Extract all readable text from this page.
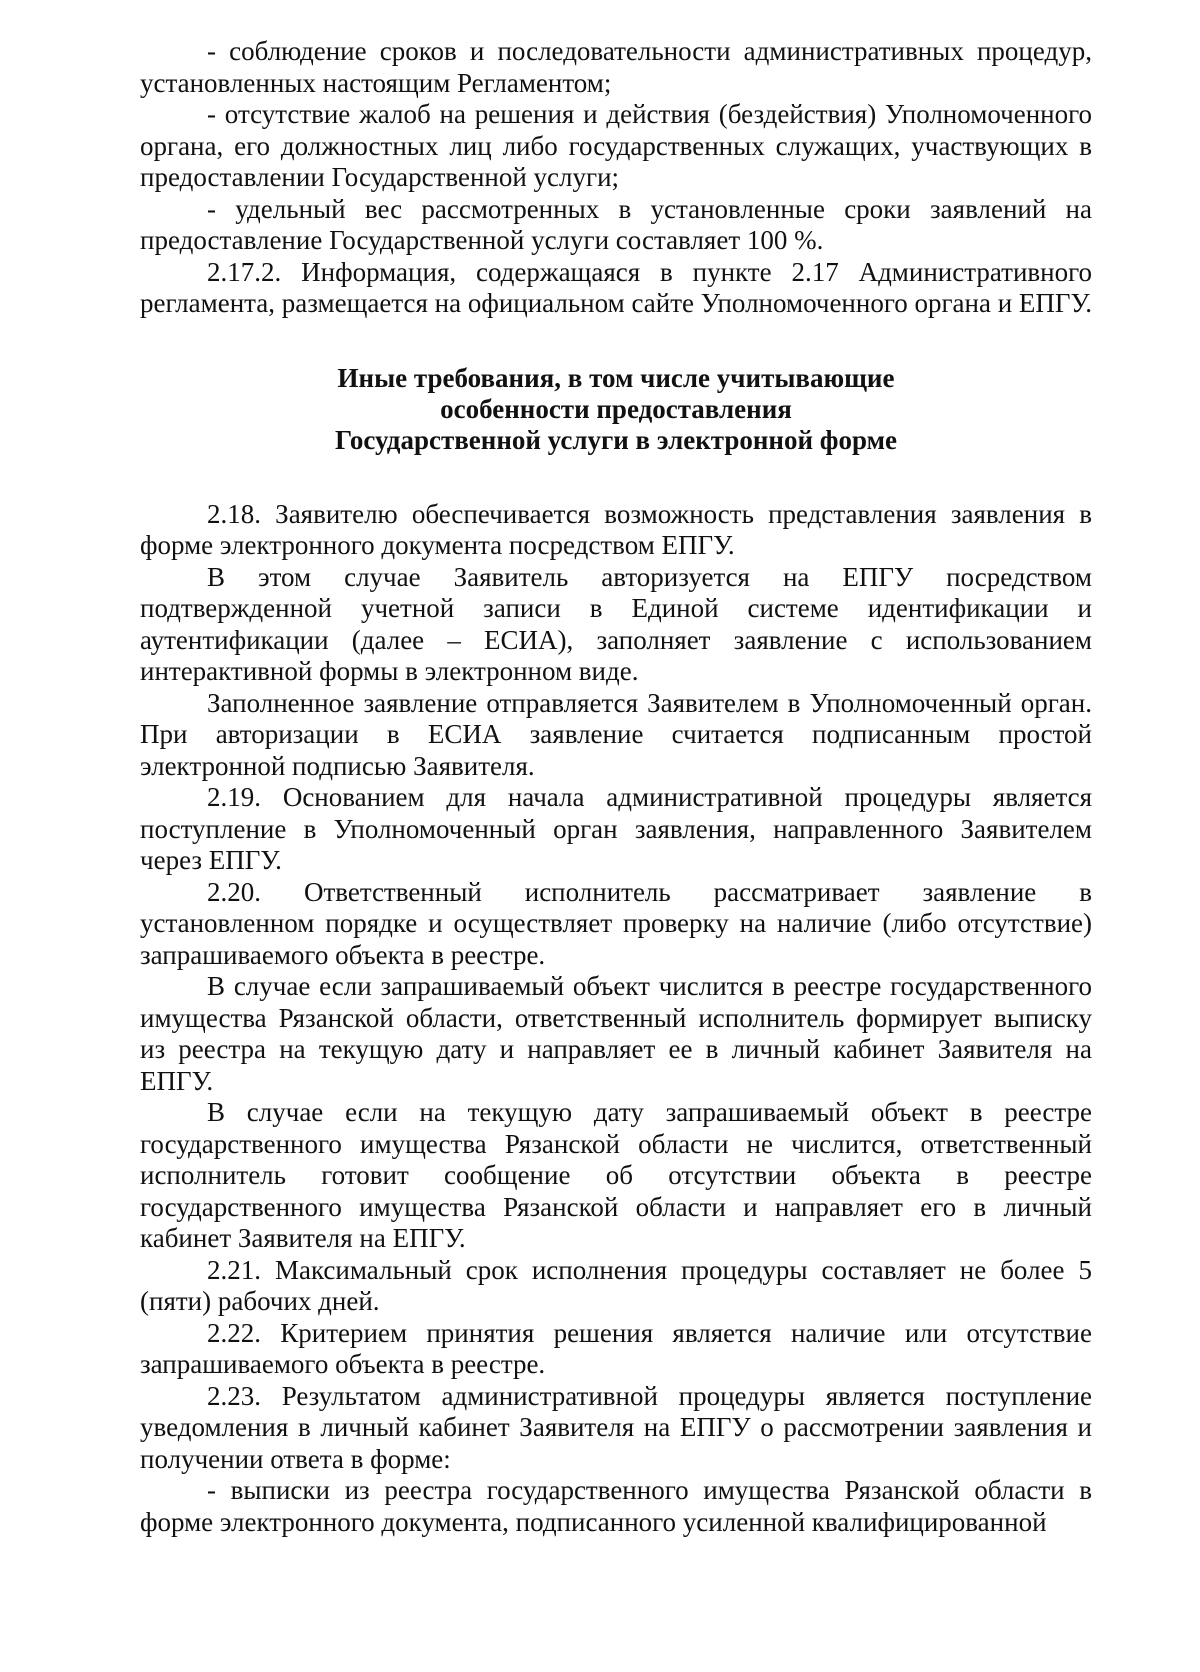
- соблюдение сроков и последовательности административных процедур, установленных настоящим Регламентом;

- отсутствие жалоб на решения и действия (бездействия) Уполномоченного органа, его должностных лиц либо государственных служащих, участвующих в предоставлении Государственной услуги;

- удельный вес рассмотренных в установленные сроки заявлений на предоставление Государственной услуги составляет 100 %.

2.17.2. Информация, содержащаяся в пункте 2.17 Административного регламента, размещается на официальном сайте Уполномоченного органа и ЕПГУ.

Иные требования, в том числе учитывающие
особенности предоставления
Государственной услуги в электронной форме

2.18. Заявителю обеспечивается возможность представления заявления в форме электронного документа посредством ЕПГУ.

В этом случае Заявитель авторизуется на ЕПГУ посредством подтвержденной учетной записи в Единой системе идентификации и аутентификации (далее – ЕСИА), заполняет заявление с использованием интерактивной формы в электронном виде.

Заполненное заявление отправляется Заявителем в Уполномоченный орган. При авторизации в ЕСИА заявление считается подписанным простой электронной подписью Заявителя.

2.19. Основанием для начала административной процедуры является поступление в Уполномоченный орган заявления, направленного Заявителем через ЕПГУ.

2.20. Ответственный исполнитель рассматривает заявление в установленном порядке и осуществляет проверку на наличие (либо отсутствие) запрашиваемого объекта в реестре.

В случае если запрашиваемый объект числится в реестре государственного имущества Рязанской области, ответственный исполнитель формирует выписку из реестра на текущую дату и направляет ее в личный кабинет Заявителя на ЕПГУ.

В случае если на текущую дату запрашиваемый объект в реестре государственного имущества Рязанской области не числится, ответственный исполнитель готовит сообщение об отсутствии объекта в реестре государственного имущества Рязанской области и направляет его в личный кабинет Заявителя на ЕПГУ.

2.21. Максимальный срок исполнения процедуры составляет не более 5 (пяти) рабочих дней.

2.22. Критерием принятия решения является наличие или отсутствие запрашиваемого объекта в реестре.

2.23. Результатом административной процедуры является поступление уведомления в личный кабинет Заявителя на ЕПГУ о рассмотрении заявления и получении ответа в форме:

- выписки из реестра государственного имущества Рязанской области в форме электронного документа, подписанного усиленной квалифицированной
